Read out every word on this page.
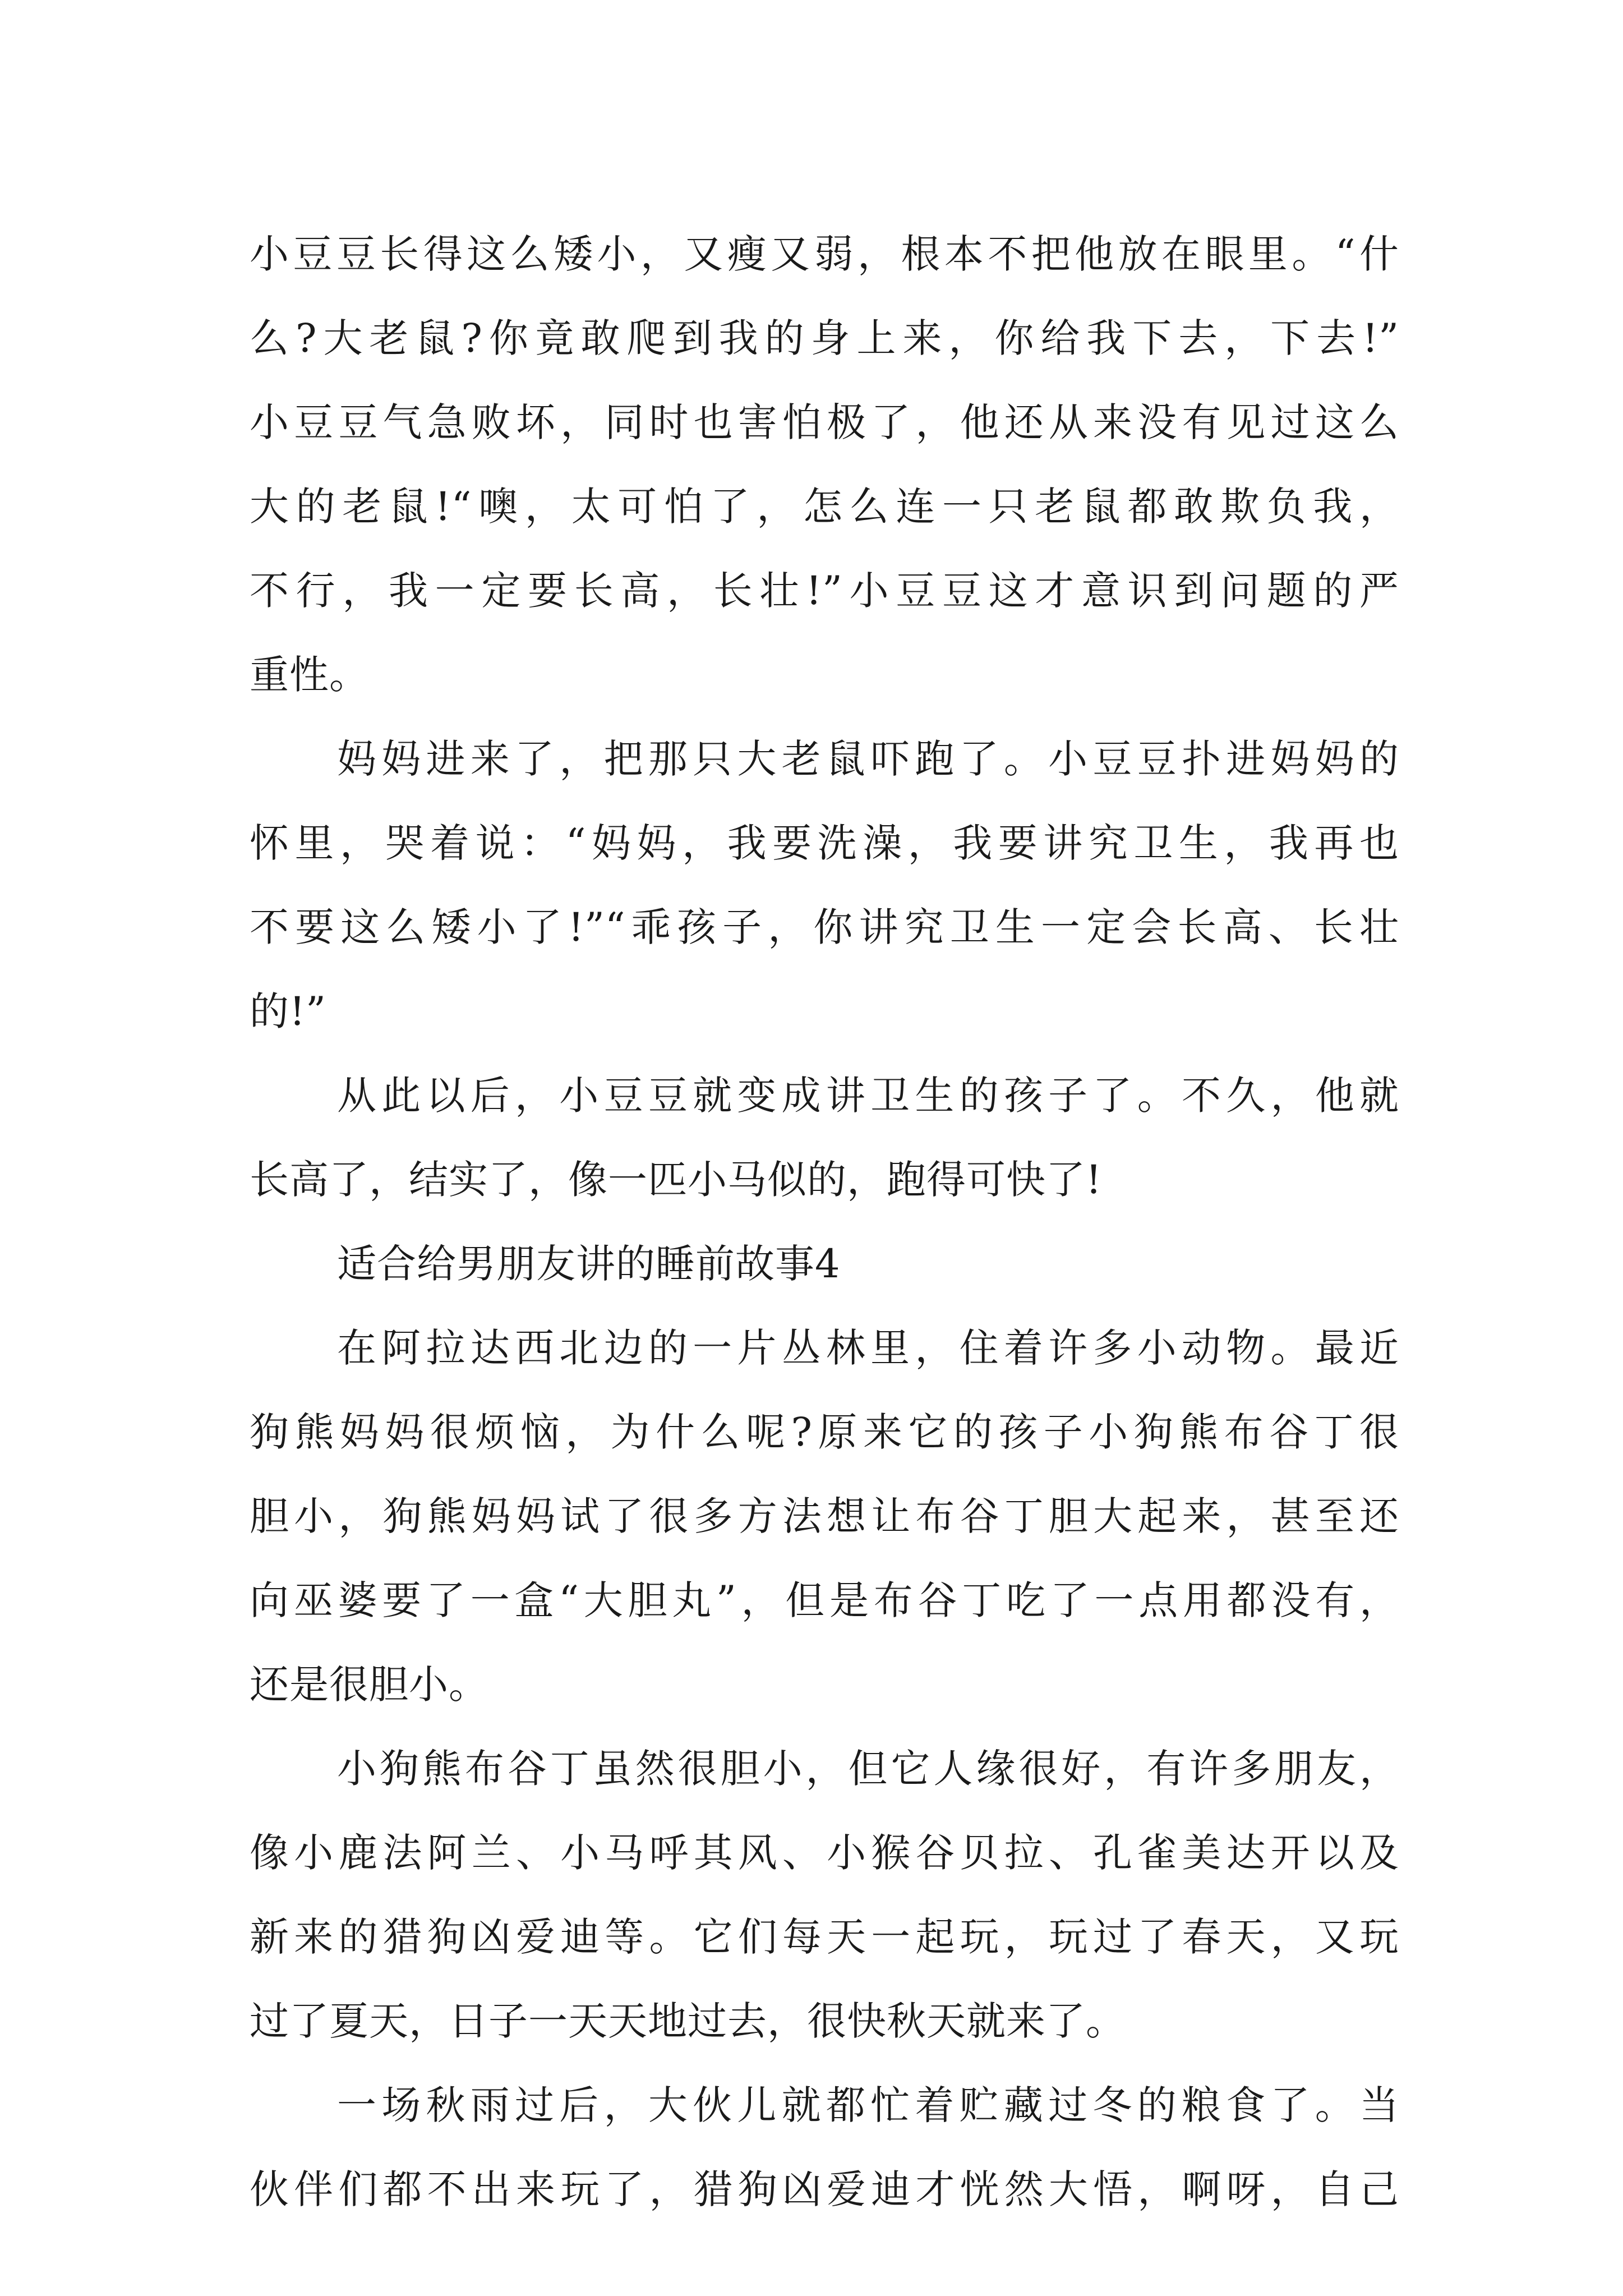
小豆豆长得这么矮小，又瘦又弱，根本不把他放在眼里。“什
么?大老鼠?你竟敢爬到我的身上来，你给我下去，下去!”
小豆豆气急败坏，同时也害怕极了，他还从来没有见过这么
大的老鼠!“噢，太可怕了，怎么连一只老鼠都敢欺负我，
不行，我一定要长高，长壮!”小豆豆这才意识到问题的严
重性。
妈妈进来了，把那只大老鼠吓跑了。小豆豆扑进妈妈的
怀里，哭着说：“妈妈，我要洗澡，我要讲究卫生，我再也
不要这么矮小了!”“乖孩子，你讲究卫生一定会长高、长壮
的!”
从此以后，小豆豆就变成讲卫生的孩子了。不久，他就
长高了，结实了，像一匹小马似的，跑得可快了!
适合给男朋友讲的睡前故事4
在阿拉达西北边的一片丛林里，住着许多小动物。最近
狗熊妈妈很烦恼，为什么呢?原来它的孩子小狗熊布谷丁很
胆小，狗熊妈妈试了很多方法想让布谷丁胆大起来，甚至还
向巫婆要了一盒“大胆丸”，但是布谷丁吃了一点用都没有，
还是很胆小。
小狗熊布谷丁虽然很胆小，但它人缘很好，有许多朋友，
像小鹿法阿兰、小马呼其风、小猴谷贝拉、孔雀美达开以及
新来的猎狗凶爱迪等。它们每天一起玩，玩过了春天，又玩
过了夏天，日子一天天地过去，很快秋天就来了。
一场秋雨过后，大伙儿就都忙着贮藏过冬的粮食了。当
伙伴们都不出来玩了，猎狗凶爱迪才恍然大悟，啊呀，自己
